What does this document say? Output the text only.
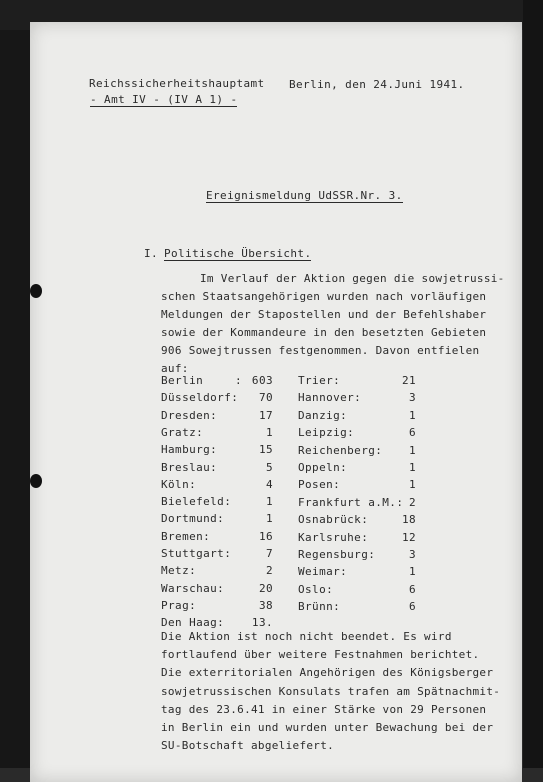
Reichssicherheitshauptamt
- Amt IV - (IV A 1) -
Berlin, den 24.Juni 1941.
Ereignismeldung UdSSR.Nr. 3.
I. Politische Übersicht.
Im Verlauf der Aktion gegen die sowjetrussi-
schen Staatsangehörigen wurden nach vorläufigen
Meldungen der Stapostellen und der Befehlshaber
sowie der Kommandeure in den besetzten Gebieten
906 Sowejtrussen festgenommen. Davon entfielen
auf:
Berlin	603
Düsseldorf:	70
Dresden:	17
Gratz:	1
Hamburg:	15
Breslau:	5
Köln:	4
Bielefeld:	1
Dortmund:	1
Bremen:	16
Stuttgart:	7
Metz:	2
Warschau:	20
Prag:	38
Den Haag:	13.
:	Trier:	21
Hannover:	3
Danzig:	1
Leipzig:	6
Reichenberg:	1
Oppeln:	1
Posen:	1
Frankfurt a.M.: 2
Osnabrück:	18
Karlsruhe:	12
Regensburg:	3
Weimar:	1
Oslo:	6
Brünn:	6
Die Aktion ist noch nicht beendet. Es wird
fortlaufend über weitere Festnahmen berichtet.
Die exterritorialen Angehörigen des Königsberger
sowjetrussischen Konsulats trafen am Spätnachmit-
tag des 23.6.41 in einer Stärke von 29 Personen
in Berlin ein und wurden unter Bewachung bei der
SU-Botschaft abgeliefert.
